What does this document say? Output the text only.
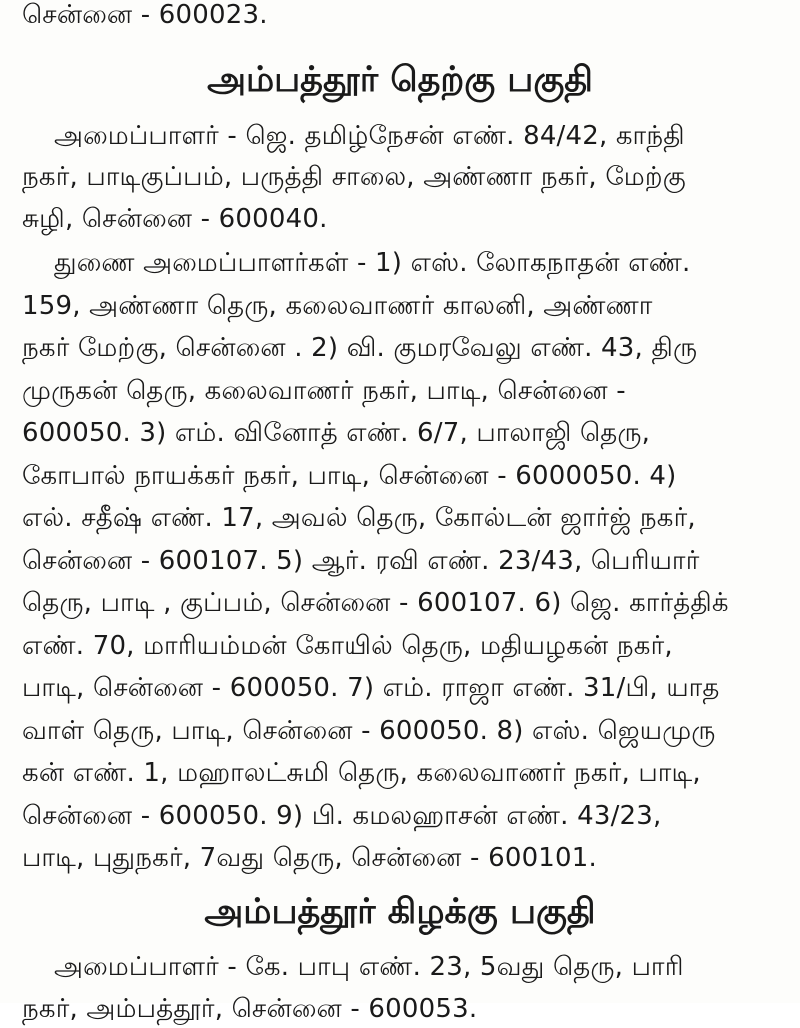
சென்னை - 600023.
அம்பத்தூர் தெற்கு பகுதி
அமைப்பாளர் - ஜெ. தமிழ்நேசன் எண். 84/42, காந்தி
நகர், பாடிகுப்பம், பருத்தி சாலை, அண்ணா நகர், மேற்கு
சுழி, சென்னை - 600040.
துணை அமைப்பாளர்கள் - 1) எஸ். லோகநாதன் எண்.
159, அண்ணா தெரு, கலைவாணர் காலனி, அண்ணா
நகர் மேற்கு, சென்னை . 2) வி. குமரவேலு எண். 43, திரு
முருகன் தெரு, கலைவாணர் நகர், பாடி, சென்னை -
600050. 3) எம். வினோத் எண். 6/7, பாலாஜி தெரு,
கோபால் நாயக்கர் நகர், பாடி, சென்னை - 6000050. 4)
எல். சதீஷ் எண். 17, அவல் தெரு, கோல்டன் ஜார்ஜ் நகர்,
சென்னை - 600107. 5) ஆர். ரவி எண். 23/43, பெரியார்
தெரு, பாடி , குப்பம், சென்னை - 600107. 6) ஜெ. கார்த்திக்
எண். 70, மாரியம்மன் கோயில் தெரு, மதியழகன் நகர்,
பாடி, சென்னை - 600050. 7) எம். ராஜா எண். 31/பி, யாத
வாள் தெரு, பாடி, சென்னை - 600050. 8) எஸ். ஜெயமுரு
கன் எண். 1, மஹாலட்சுமி தெரு, கலைவாணர் நகர், பாடி,
சென்னை - 600050. 9) பி. கமலஹாசன் எண். 43/23,
பாடி, புதுநகர், 7வது தெரு, சென்னை - 600101.
அம்பத்தூர் கிழக்கு பகுதி
அமைப்பாளர் - கே. பாபு எண். 23, 5வது தெரு, பாரி
நகர், அம்பத்தூர், சென்னை - 600053.
